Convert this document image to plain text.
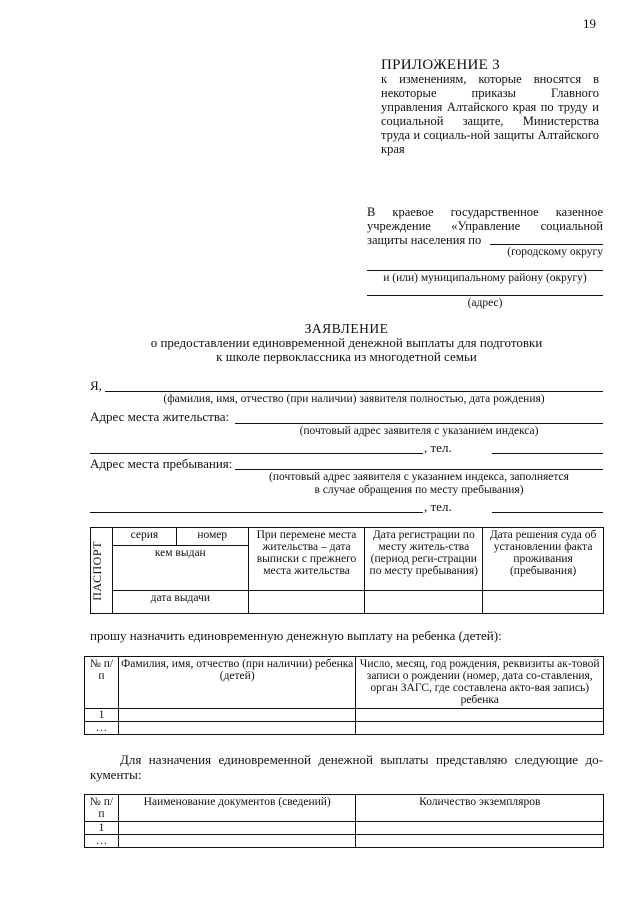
19
ПРИЛОЖЕНИЕ 3
к изменениям, которые вносятся в некоторые приказы Главного управления Алтайского края по труду и социальной защите, Министерства труда и социаль-ной защиты Алтайского края
В краевое государственное казенное учреждение «Управление социальной защиты населения по
(городскому округу
и (или) муниципальному району (округу)
(адрес)
ЗАЯВЛЕНИЕ
о предоставлении единовременной денежной выплаты для подготовки
к школе первоклассника из многодетной семьи
Я,
(фамилия, имя, отчество (при наличии) заявителя полностью, дата рождения)
Адрес места жительства:
(почтовый адрес заявителя с указанием индекса)
, тел.
Адрес места пребывания:
(почтовый адрес заявителя с указанием индекса, заполняется
в случае обращения по месту пребывания)
, тел.
ПАСПОРТ	серия	номер	При перемене места жительства – дата выписки с прежнего места жительства	Дата регистрации по месту житель-ства (период реги-страции по месту пребывания)	Дата решения суда об установлении факта проживания (пребывания)
	кем выдан				
	дата выдачи				
прошу назначить единовременную денежную выплату на ребенка (детей):
№ п/п	Фамилия, имя, отчество (при наличии) ребенка (детей)	Число, месяц, год рождения, реквизиты ак-товой записи о рождении (номер, дата со-ставления, орган ЗАГС, где составлена акто-вая запись) ребенка
1		
…		
Для назначения единовременной денежной выплаты представляю следующие до-кументы:
№ п/п	Наименование документов (сведений)	Количество экземпляров
1		
…		
